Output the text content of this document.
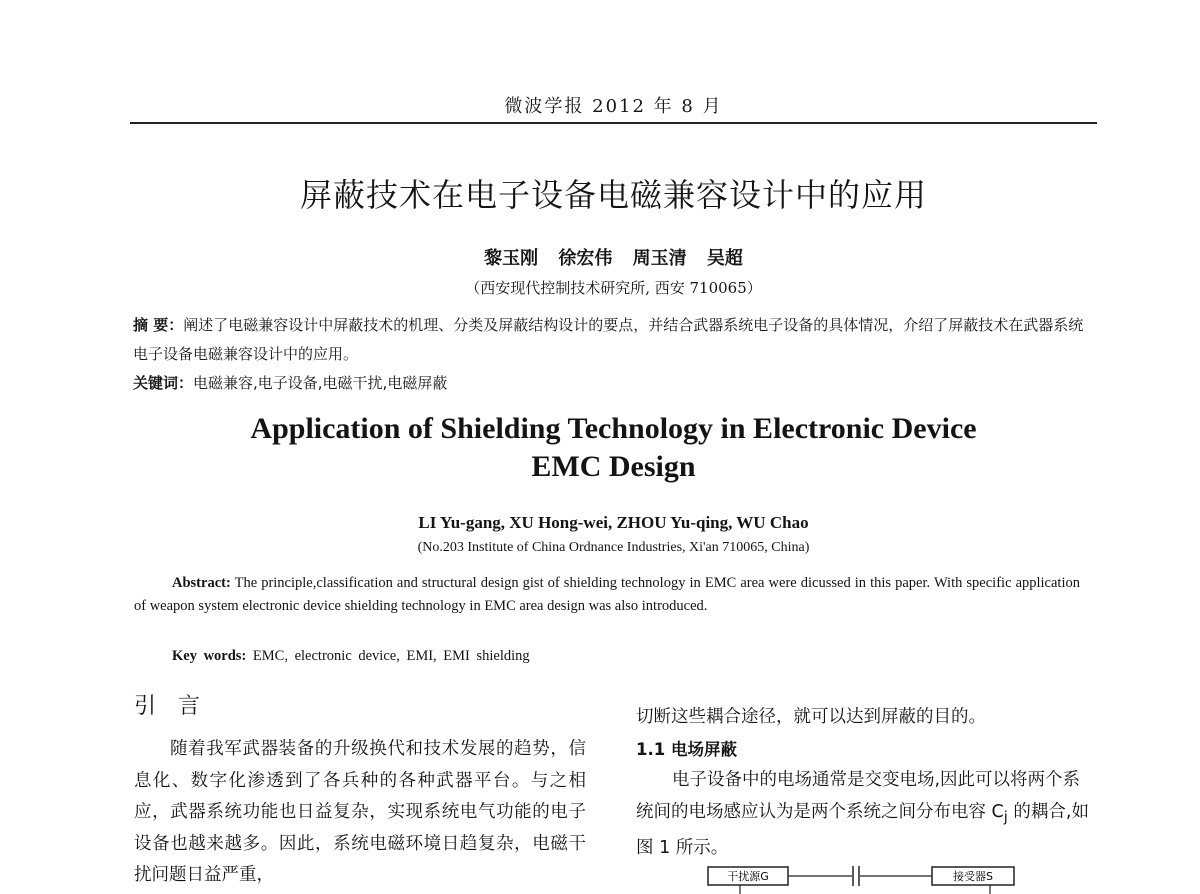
微波学报 2012 年 8 月
屏蔽技术在电子设备电磁兼容设计中的应用
黎玉刚 徐宏伟 周玉清 吴超
（西安现代控制技术研究所, 西安 710065）
摘 要：阐述了电磁兼容设计中屏蔽技术的机理、分类及屏蔽结构设计的要点，并结合武器系统电子设备的具体情况，介绍了屏蔽技术在武器系统电子设备电磁兼容设计中的应用。
关键词：电磁兼容,电子设备,电磁干扰,电磁屏蔽
Application of Shielding Technology in Electronic Device
EMC Design
LI Yu-gang, XU Hong-wei, ZHOU Yu-qing, WU Chao
(No.203 Institute of China Ordnance Industries, Xi'an 710065, China)
Abstract: The principle,classification and structural design gist of shielding technology in EMC area were dicussed in this paper. With specific application of weapon system electronic device shielding technology in EMC area design was also introduced.
Key words: EMC, electronic device, EMI, EMI shielding
引言

随着我军武器装备的升级换代和技术发展的趋势，信息化、数字化渗透到了各兵种的各种武器平台。与之相应，武器系统功能也日益复杂，实现系统电气功能的电子设备也越来越多。因此，系统电磁环境日趋复杂，电磁干扰问题日益严重，

切断这些耦合途径，就可以达到屏蔽的目的。

1.1 电场屏蔽

电子设备中的电场通常是交变电场,因此可以将两个系统间的电场感应认为是两个系统之间分布电容 $C_j$ 的耦合,如图 1 所示。

干扰源G	接受器S
